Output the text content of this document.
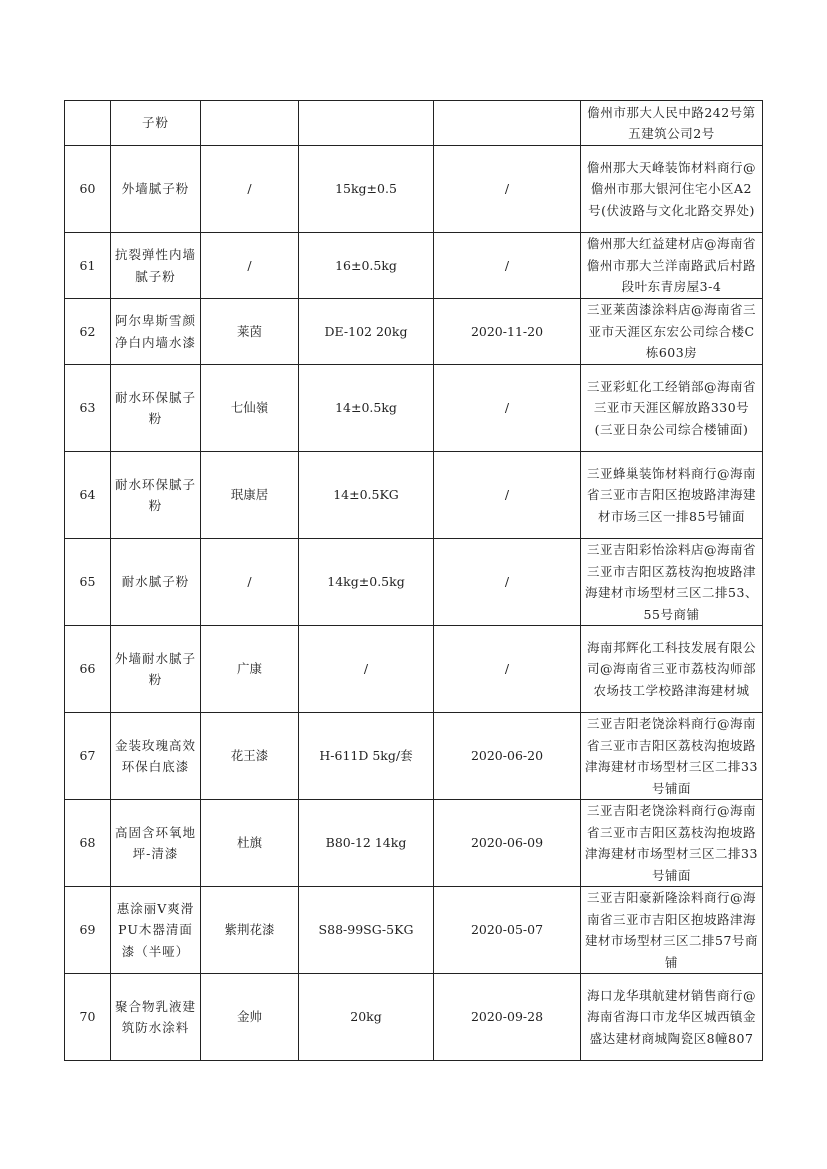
	子粉				儋州市那大人民中路242号第五建筑公司2号
60	外墙腻子粉	/	15kg±0.5	/	儋州那大天峰装饰材料商行@儋州市那大银河住宅小区A2号(伏波路与文化北路交界处)
61	抗裂弹性内墙腻子粉	/	16±0.5kg	/	儋州那大红益建材店@海南省儋州市那大兰洋南路武后村路段叶东青房屋3-4
62	阿尔卑斯雪颜净白内墙水漆	莱茵	DE-102 20kg	2020-11-20	三亚莱茵漆涂料店@海南省三亚市天涯区东宏公司综合楼C栋603房
63	耐水环保腻子粉	七仙嶺	14±0.5kg	/	三亚彩虹化工经销部@海南省三亚市天涯区解放路330号(三亚日杂公司综合楼铺面)
64	耐水环保腻子粉	珉康居	14±0.5KG	/	三亚蜂巢装饰材料商行@海南省三亚市吉阳区抱坡路津海建材市场三区一排85号铺面
65	耐水腻子粉	/	14kg±0.5kg	/	三亚吉阳彩怡涂料店@海南省三亚市吉阳区荔枝沟抱坡路津海建材市场型材三区二排53、55号商铺
66	外墙耐水腻子粉	广康	/	/	海南邦辉化工科技发展有限公司@海南省三亚市荔枝沟师部农场技工学校路津海建材城
67	金装玫瑰高效环保白底漆	花王漆	H-611D 5kg/套	2020-06-20	三亚吉阳老饶涂料商行@海南省三亚市吉阳区荔枝沟抱坡路津海建材市场型材三区二排33号铺面
68	高固含环氧地坪-清漆	杜旗	B80-12 14kg	2020-06-09	三亚吉阳老饶涂料商行@海南省三亚市吉阳区荔枝沟抱坡路津海建材市场型材三区二排33号铺面
69	惠涂丽V爽滑PU木器清面漆（半哑）	紫荆花漆	S88-99SG-5KG	2020-05-07	三亚吉阳豪新隆涂料商行@海南省三亚市吉阳区抱坡路津海建材市场型材三区二排57号商铺
70	聚合物乳液建筑防水涂料	金帅	20kg	2020-09-28	海口龙华琪航建材销售商行@海南省海口市龙华区城西镇金盛达建材商城陶瓷区8幢807
